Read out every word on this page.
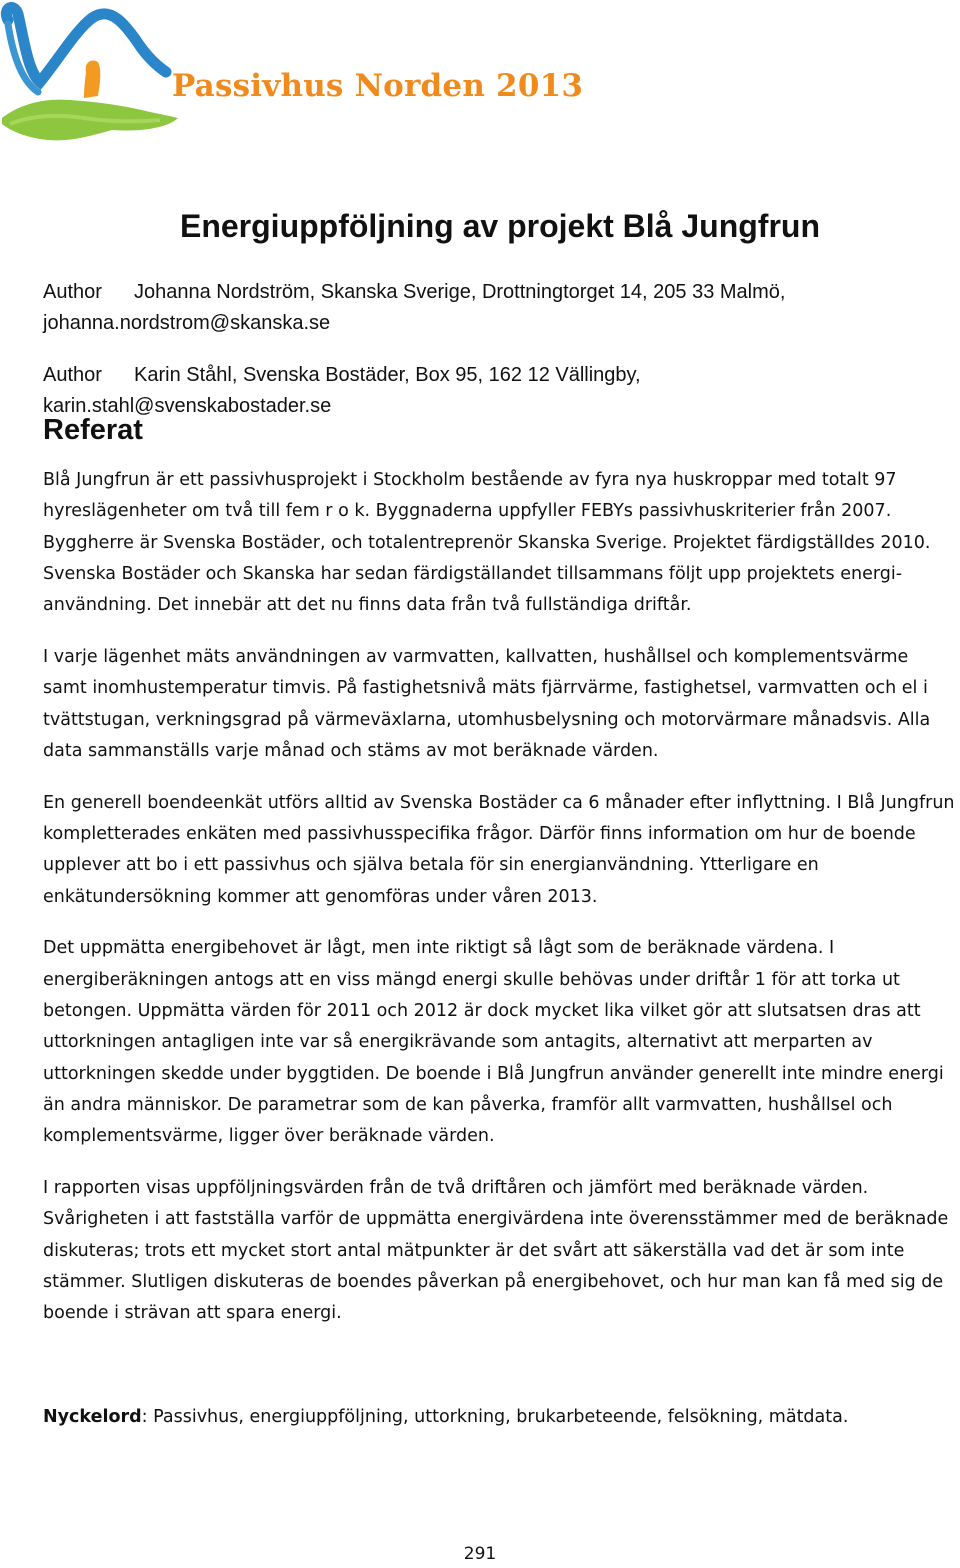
Passivhus Norden 2013
Energiuppföljning av projekt Blå Jungfrun
Author Johanna Nordström, Skanska Sverige, Drottningtorget 14, 205 33 Malmö,
johanna.nordstrom@skanska.se
Author Karin Ståhl, Svenska Bostäder, Box 95, 162 12 Vällingby, karin.stahl@svenskabostader.se
Referat

Blå Jungfrun är ett passivhusprojekt i Stockholm bestående av fyra nya huskroppar med totalt 97 hyreslägenheter om två till fem r o k. Byggnaderna uppfyller FEBYs passivhuskriterier från 2007. Byggherre är Svenska Bostäder, och totalentreprenör Skanska Sverige. Projektet färdigställdes 2010. Svenska Bostäder och Skanska har sedan färdigställandet tillsammans följt upp projektets energianvändning. Det innebär att det nu finns data från två fullständiga driftår.

I varje lägenhet mäts användningen av varmvatten, kallvatten, hushållsel och komplementsvärme samt inomhustemperatur timvis. På fastighetsnivå mäts fjärrvärme, fastighetsel, varmvatten och el i tvättstugan, verkningsgrad på värmeväxlarna, utomhusbelysning och motorvärmare månadsvis. Alla data sammanställs varje månad och stäms av mot beräknade värden.

En generell boendeenkät utförs alltid av Svenska Bostäder ca 6 månader efter inflyttning. I Blå Jungfrun kompletterades enkäten med passivhusspecifika frågor. Därför finns information om hur de boende upplever att bo i ett passivhus och själva betala för sin energianvändning. Ytterligare en enkätundersökning kommer att genomföras under våren 2013.

Det uppmätta energibehovet är lågt, men inte riktigt så lågt som de beräknade värdena. I energiberäkningen antogs att en viss mängd energi skulle behövas under driftår 1 för att torka ut betongen. Uppmätta värden för 2011 och 2012 är dock mycket lika vilket gör att slutsatsen dras att uttorkningen antagligen inte var så energikrävande som antagits, alternativt att merparten av uttorkningen skedde under byggtiden. De boende i Blå Jungfrun använder generellt inte mindre energi än andra människor. De parametrar som de kan påverka, framför allt varmvatten, hushållsel och komplementsvärme, ligger över beräknade värden.

I rapporten visas uppföljningsvärden från de två driftåren och jämfört med beräknade värden. Svårigheten i att fastställa varför de uppmätta energivärdena inte överensstämmer med de beräknade diskuteras; trots ett mycket stort antal mätpunkter är det svårt att säkerställa vad det är som inte stämmer. Slutligen diskuteras de boendes påverkan på energibehovet, och hur man kan få med sig de boende i strävan att spara energi.

Nyckelord: Passivhus, energiuppföljning, uttorkning, brukarbeteende, felsökning, mätdata.
291
